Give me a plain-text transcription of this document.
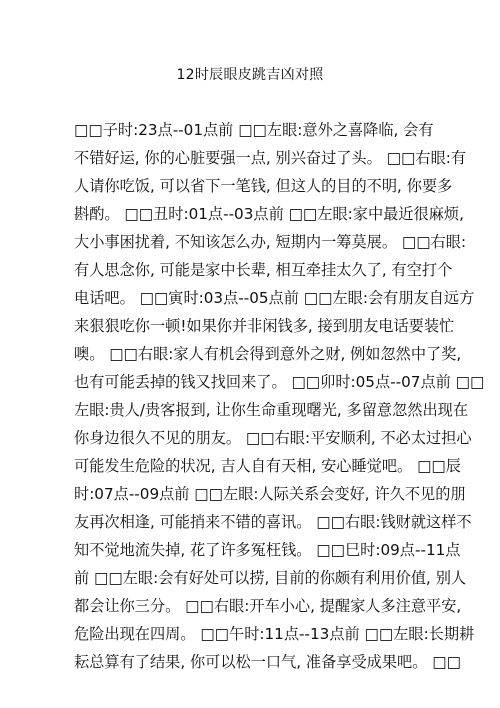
12时辰眼皮跳吉凶对照
□□子时:23点--01点前 □□左眼:意外之喜降临, 会有
不错好运, 你的心脏要强一点, 别兴奋过了头。 □□右眼:有
人请你吃饭, 可以省下一笔钱, 但这人的目的不明, 你要多
斟酌。 □□丑时:01点--03点前 □□左眼:家中最近很麻烦,
大小事困扰着, 不知该怎么办, 短期内一筹莫展。 □□右眼:
有人思念你, 可能是家中长辈, 相互牵挂太久了, 有空打个
电话吧。 □□寅时:03点--05点前 □□左眼:会有朋友自远方
来狠狠吃你一顿!如果你并非闲钱多, 接到朋友电话要装忙
噢。 □□右眼:家人有机会得到意外之财, 例如忽然中了奖,
也有可能丢掉的钱又找回来了。 □□卯时:05点--07点前 □□
左眼:贵人/贵客报到, 让你生命重现曙光, 多留意忽然出现在
你身边很久不见的朋友。 □□右眼:平安顺利, 不必太过担心
可能发生危险的状况, 吉人自有天相, 安心睡觉吧。 □□辰
时:07点--09点前 □□左眼:人际关系会变好, 许久不见的朋
友再次相逢, 可能捎来不错的喜讯。 □□右眼:钱财就这样不
知不觉地流失掉, 花了许多冤枉钱。 □□巳时:09点--11点
前 □□左眼:会有好处可以捞, 目前的你颇有利用价值, 别人
都会让你三分。 □□右眼:开车小心, 提醒家人多注意平安,
危险出现在四周。 □□午时:11点--13点前 □□左眼:长期耕
耘总算有了结果, 你可以松一口气, 准备享受成果吧。 □□
